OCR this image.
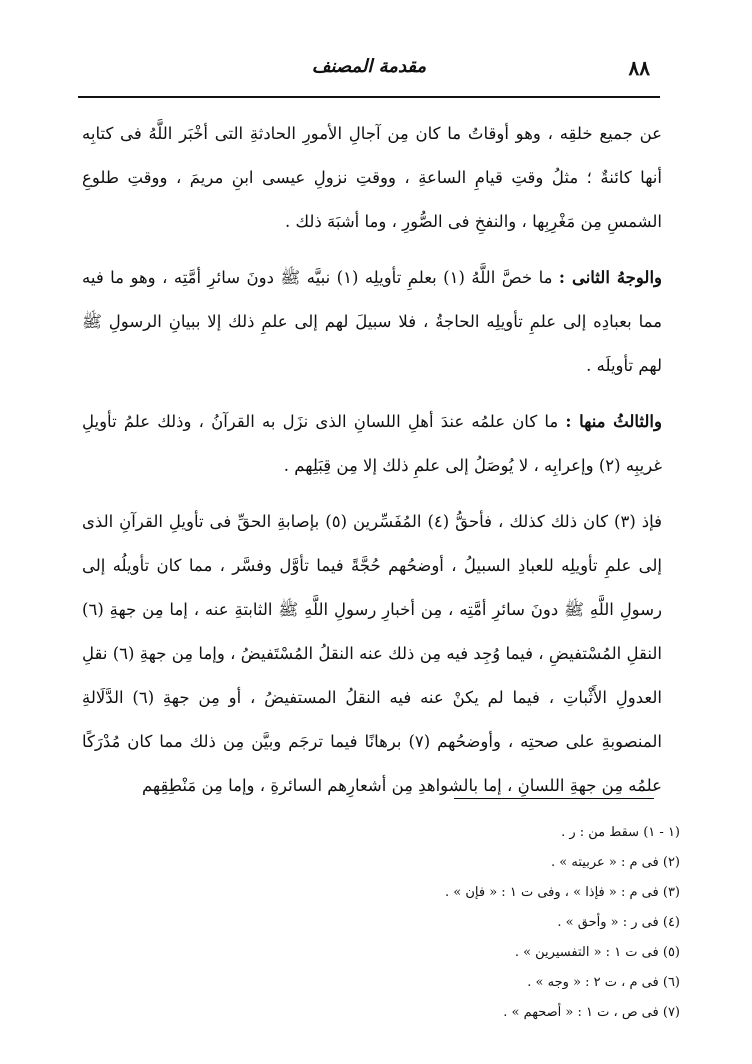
مقدمة المصنف	٨٨

عن جميع خلقِه ، وهو أوقاتُ ما كان مِن آجالِ الأمورِ الحادثةِ التى أخْبَر اللَّهُ فى كتابِه أنها كائنةٌ ؛ مثلُ وقتِ قيامِ الساعةِ ، ووقتِ نزولِ عيسى ابنِ مريمَ ، ووقتِ طلوعِ الشمسِ مِن مَغْرِبِها ، والنفخِ فى الصُّورِ ، وما أشبَهَ ذلك .

والوجهُ الثانى : ما خصَّ اللَّهُ (١) بعلمِ تأويلِه (١) نبيَّه ﷺ دونَ سائرِ أمَّتِه ، وهو ما فيه مما بعبادِه إلى علمِ تأويلِه الحاجةُ ، فلا سبيلَ لهم إلى علمِ ذلك إلا ببيانِ الرسولِ ﷺ لهم تأويلَه .

والثالثُ منها : ما كان علمُه عندَ أهلِ اللسانِ الذى نزَل به القرآنُ ، وذلك علمُ تأويلِ غريبِه (٢) وإعرابِه ، لا يُوصَلُ إلى علمِ ذلك إلا مِن قِبَلِهم .

فإذ (٣) كان ذلك كذلك ، فأحقُّ (٤) المُفَسِّرين (٥) بإصابةِ الحقِّ فى تأويلِ القرآنِ الذى إلى علمِ تأويلِه للعبادِ السبيلُ ، أوضحُهم حُجَّةً فيما تأوَّل وفسَّر ، مما كان تأويلُه إلى رسولِ اللَّهِ ﷺ دونَ سائرِ أمَّتِه ، مِن أخبارِ رسولِ اللَّهِ ﷺ الثابتةِ عنه ، إما مِن جهةِ (٦) النقلِ المُسْتفيضِ ، فيما وُجِد فيه مِن ذلك عنه النقلُ المُسْتَفيضُ ، وإما مِن جهةِ (٦) نقلِ العدولِ الأَثْباتِ ، فيما لم يكنْ عنه فيه النقلُ المستفيضُ ، أو مِن جهةِ (٦) الدَّلَالةِ المنصوبةِ على صحتِه ، وأوضحُهم (٧) برهانًا فيما ترجَم وبيَّن مِن ذلك مما كان مُدْرَكًا علمُه مِن جهةِ اللسانِ ، إما بالشواهدِ مِن أشعارِهم السائرةِ ، وإما مِن مَنْطِقِهم

(١ - ١) سقط من : ر .
(٢) فى م : « عربيته » .
(٣) فى م : « فإذا » ، وفى ت ١ : « فإن » .
(٤) فى ر : « وأحق » .
(٥) فى ت ١ : « التفسيرين » .
(٦) فى م ، ت ٢ : « وجه » .
(٧) فى ص ، ت ١ : « أصحهم » .
